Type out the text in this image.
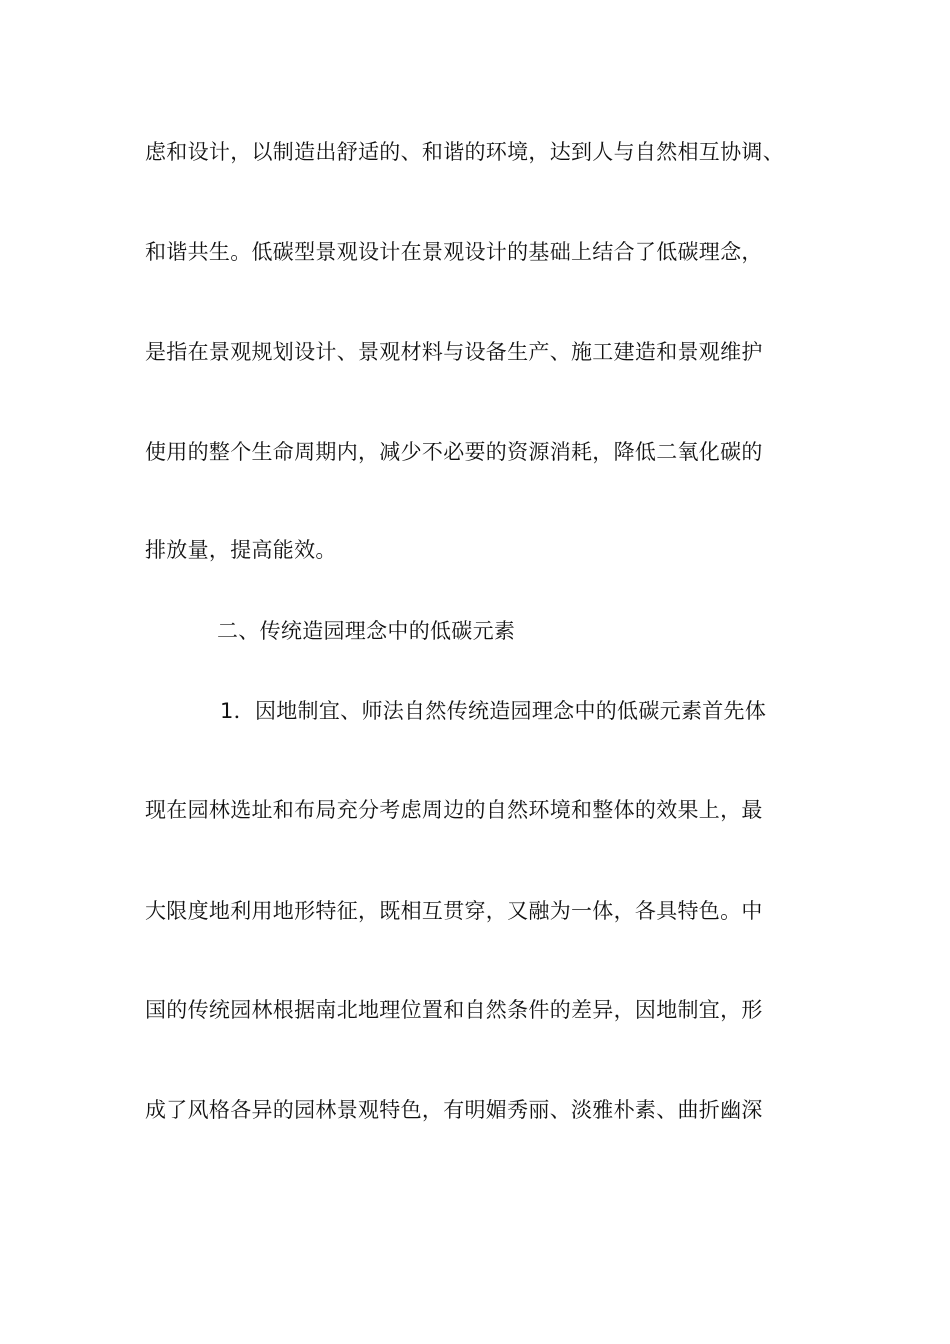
虑和设计，以制造出舒适的、和谐的环境，达到人与自然相互协调、
和谐共生。低碳型景观设计在景观设计的基础上结合了低碳理念，
是指在景观规划设计、景观材料与设备生产、施工建造和景观维护
使用的整个生命周期内，减少不必要的资源消耗，降低二氧化碳的
排放量，提高能效。
二、传统造园理念中的低碳元素
1．因地制宜、师法自然传统造园理念中的低碳元素首先体
现在园林选址和布局充分考虑周边的自然环境和整体的效果上，最
大限度地利用地形特征，既相互贯穿，又融为一体，各具特色。中
国的传统园林根据南北地理位置和自然条件的差异，因地制宜，形
成了风格各异的园林景观特色，有明媚秀丽、淡雅朴素、曲折幽深
